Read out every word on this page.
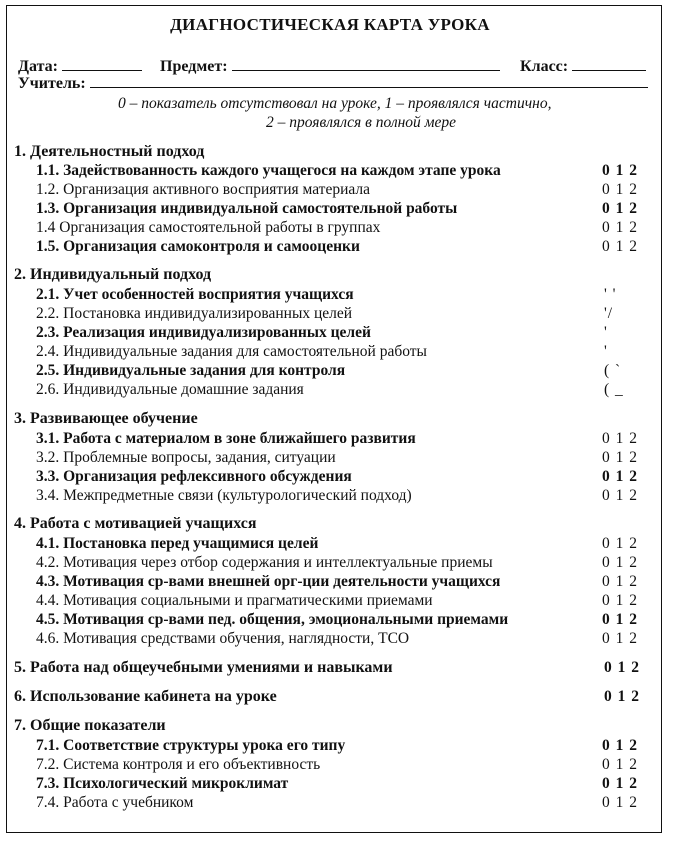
ДИАГНОСТИЧЕСКАЯ КАРТА УРОКА
Дата:	Предмет:	Класс:
Учитель:
0 – показатель отсутствовал на уроке, 1 – проявлялся частично,
2 – проявлялся в полной мере
1. Деятельностный подход
1.1. Задействованность каждого учащегося на каждом этапе урока	0 1 2
1.2. Организация активного восприятия материала	0 1 2
1.3. Организация индивидуальной самостоятельной работы	0 1 2
1.4 Организация самостоятельной работы в группах	0 1 2
1.5. Организация самоконтроля и самооценки	0 1 2
2. Индивидуальный подход
2.1. Учет особенностей восприятия учащихся	' '
2.2. Постановка индивидуализированных целей	'/
2.3. Реализация индивидуализированных целей	'
2.4. Индивидуальные задания для самостоятельной работы	'
2.5. Индивидуальные задания для контроля	( `
2.6. Индивидуальные домашние задания	( _
3. Развивающее обучение
3.1. Работа с материалом в зоне ближайшего развития	0 1 2
3.2. Проблемные вопросы, задания, ситуации	0 1 2
3.3. Организация рефлексивного обсуждения	0 1 2
3.4. Межпредметные связи (культурологический подход)	0 1 2
4. Работа с мотивацией учащихся
4.1. Постановка перед учащимися целей	0 1 2
4.2. Мотивация через отбор содержания и интеллектуальные приемы	0 1 2
4.3. Мотивация ср-вами внешней орг-ции деятельности учащихся	0 1 2
4.4. Мотивация социальными и прагматическими приемами	0 1 2
4.5. Мотивация ср-вами пед. общения, эмоциональными приемами	0 1 2
4.6. Мотивация средствами обучения, наглядности, ТСО	0 1 2
5. Работа над общеучебными умениями и навыками	0 1 2
6. Использование кабинета на уроке	0 1 2
7. Общие показатели
7.1. Соответствие структуры урока его типу	0 1 2
7.2. Система контроля и его объективность	0 1 2
7.3. Психологический микроклимат	0 1 2
7.4. Работа с учебником	0 1 2
